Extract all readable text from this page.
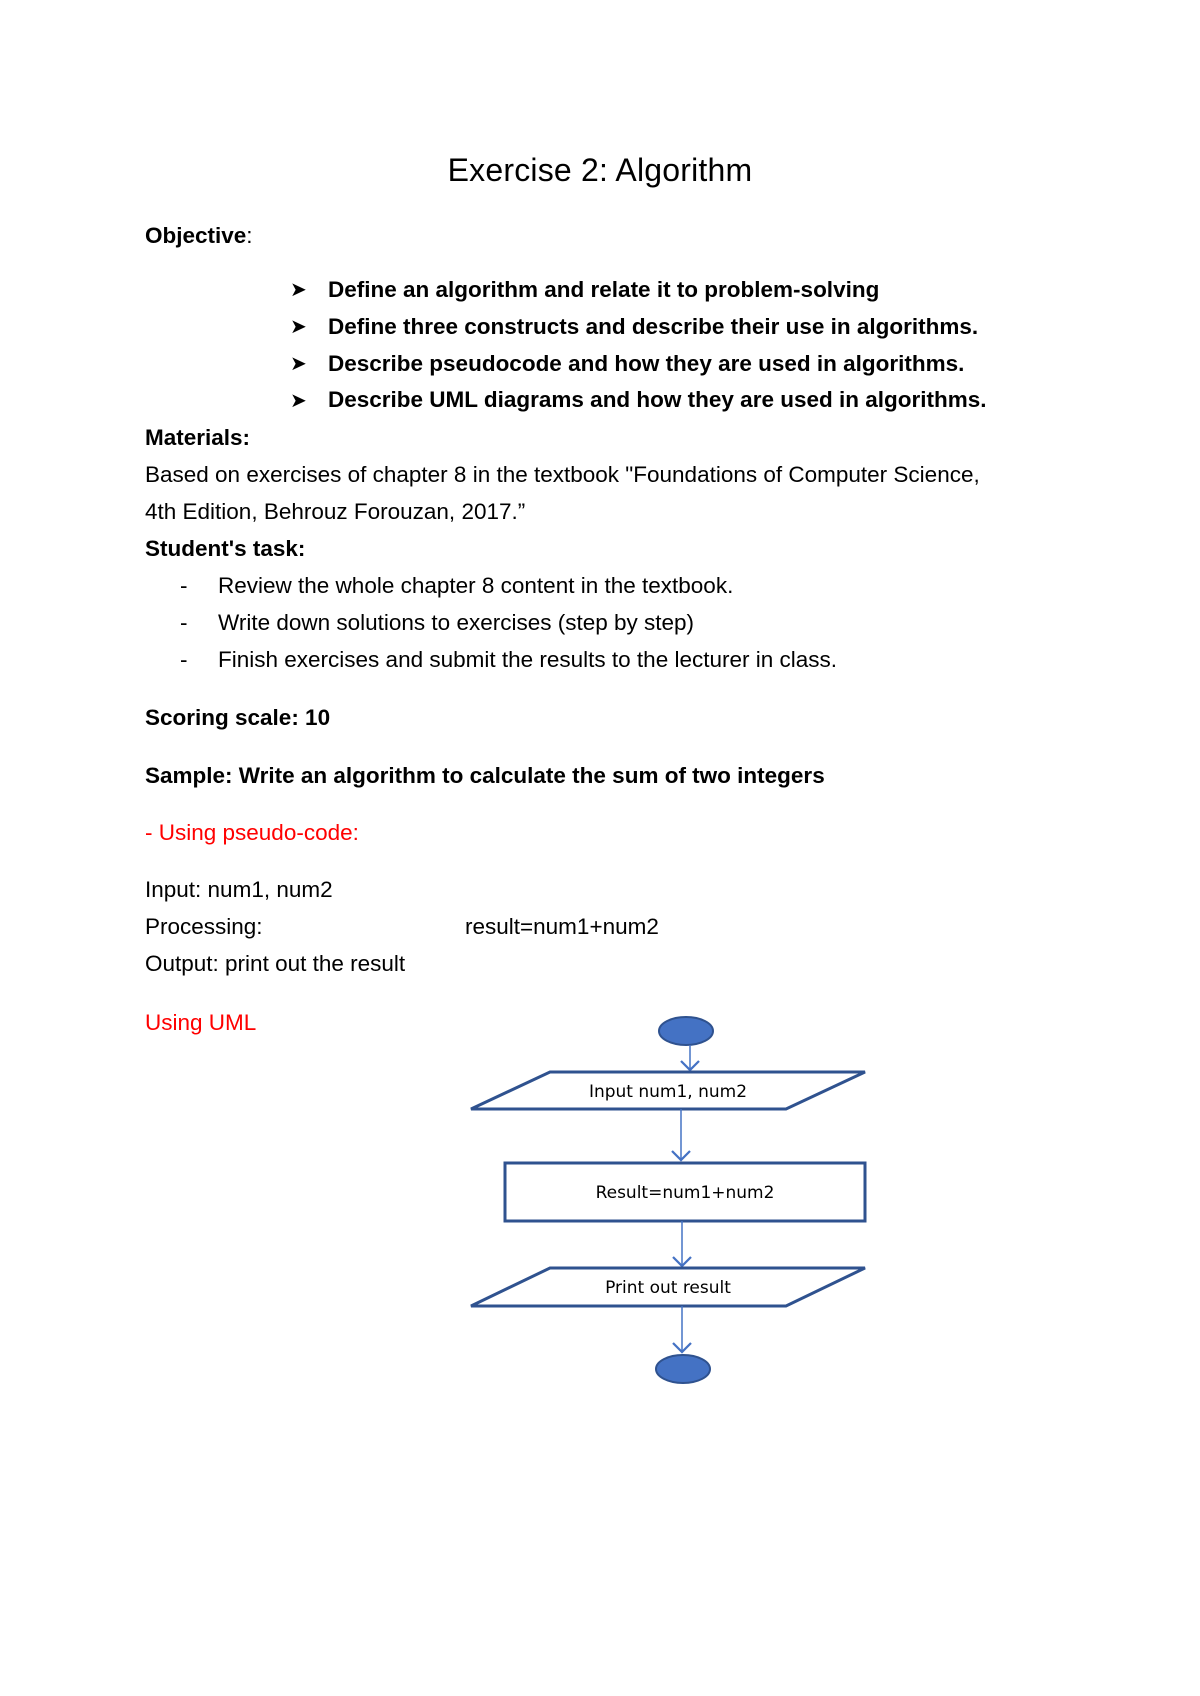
Exercise 2: Algorithm

Objective:

➤ Define an algorithm and relate it to problem-solving
➤ Define three constructs and describe their use in algorithms.
➤ Describe pseudocode and how they are used in algorithms.
➤ Describe UML diagrams and how they are used in algorithms.

Materials:

Based on exercises of chapter 8 in the textbook "Foundations of Computer Science,

4th Edition, Behrouz Forouzan, 2017.”

Student's task:

- Review the whole chapter 8 content in the textbook.
- Write down solutions to exercises (step by step)
- Finish exercises and submit the results to the lecturer in class.

Scoring scale: 10

Sample: Write an algorithm to calculate the sum of two integers

- Using pseudo-code:

Input: num1, num2

Processing:	result=num1+num2

Output: print out the result

Using UML

Input num1, num2
Result=num1+num2
Print out result
